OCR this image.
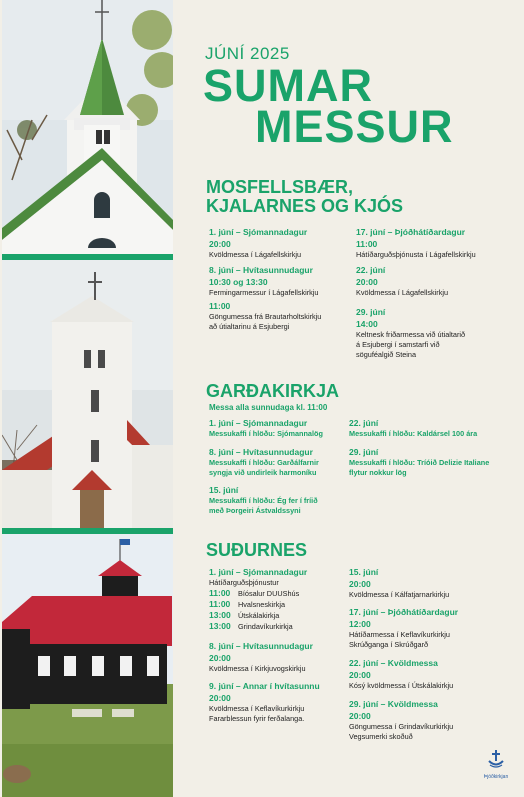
JÚNÍ 2025
SUMAR
MESSUR
MOSFELLSBÆR,
KJALARNES OG KJÓS
1. júní – Sjómannadagur
20:00
Kvöldmessa í Lágafellskirkju
8. júní – Hvítasunnudagur
10:30 og 13:30
Fermingarmessur í Lágafellskirkju
11:00
Göngumessa frá Brautarholtskirkju
að útialtarinu á Esjubergi
17. júní – Þjóðhátíðardagur
11:00
Hátíðarguðsþjónusta í Lágafellskirkju
22. júní
20:00
Kvöldmessa í Lágafellskirkju
29. júní
14:00
Keltnesk friðarmessa við útialtarið
á Esjubergi í samstarfi við
söguféalgið Steina
GARÐAKIRKJA
Messa alla sunnudaga kl. 11:00
1. júní – Sjómannadagur
Messukaffi í hlöðu: Sjómannalög
8. júní – Hvítasunnudagur
Messukaffi í hlöðu: Garðálfarnir
syngja við undirleik harmoníku
15. júní
Messukaffi í hlöðu: Ég fer í fríið
með Þorgeiri Ástvaldssyni
22. júní
Messukaffi í hlöðu: Kaldársel 100 ára
29. júní
Messukaffi í hlöðu: Tríóið Delizie Italiane
flytur nokkur lög
SUÐURNES
1. júní – Sjómannadagur
Hátíðarguðsþjónustur
11:00 Bíósalur DUUShús
11:00 Hvalsneskirkja
13:00 Útskálakirkja
13:00 Grindavíkurkirkja
8. júní – Hvítasunnudagur
20:00
Kvöldmessa í Kirkjuvogskirkju
9. júní – Annar í hvítasunnu
20:00
Kvöldmessa í Keflavíkurkirkju
Fararblessun fyrir ferðalanga.
15. júní
20:00
Kvöldmessa í Kálfatjarnarkirkju
17. júní – Þjóðhátíðardagur
12:00
Hátíðarmessa í Keflavíkurkirkju
Skrúðganga í Skrúðgarð
22. júní – Kvöldmessa
20:00
Kósý kvöldmessa í Útskálakirkju
29. júní – Kvöldmessa
20:00
Göngumessa í Grindavíkurkirkju
Vegsumerki skoðuð
Þjóðkirkjan
